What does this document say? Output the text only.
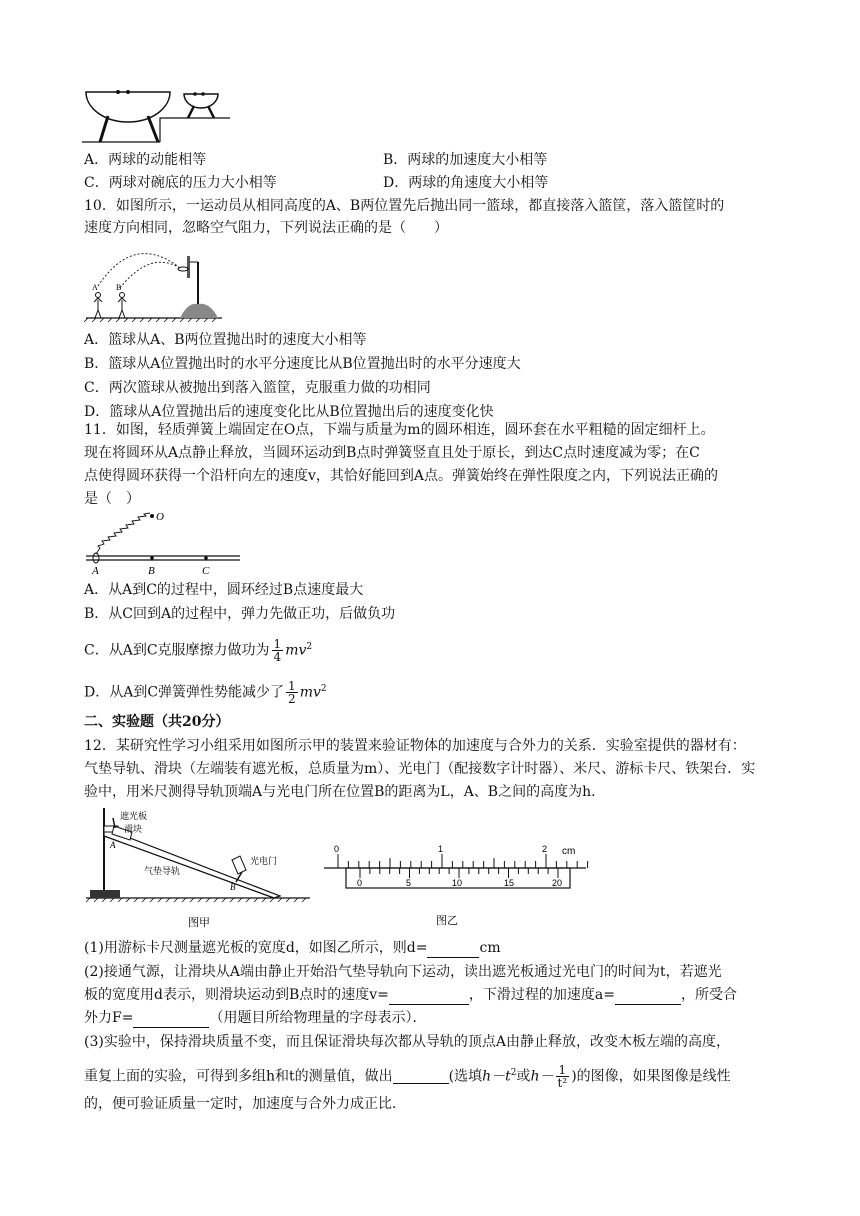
A．两球的动能相等	B．两球的加速度大小相等
C．两球对碗底的压力大小相等	D．两球的角速度大小相等
10．如图所示，一运动员从相同高度的A、B两位置先后抛出同一篮球，都直接落入篮筐，落入篮筐时的
速度方向相同，忽略空气阻力，下列说法正确的是（　　）
A B
A．篮球从A、B两位置抛出时的速度大小相等
B．篮球从A位置抛出时的水平分速度比从B位置抛出时的水平分速度大
C．两次篮球从被抛出到落入篮筐，克服重力做的功相同
D．篮球从A位置抛出后的速度变化比从B位置抛出后的速度变化快
11．如图，轻质弹簧上端固定在O点，下端与质量为m的圆环相连，圆环套在水平粗糙的固定细杆上。
现在将圆环从A点静止释放，当圆环运动到B点时弹簧竖直且处于原长，到达C点时速度减为零；在C
点使得圆环获得一个沿杆向左的速度v，其恰好能回到A点。弹簧始终在弹性限度之内，下列说法正确的
是（　）
O
A	B	C
A．从A到C的过程中，圆环经过B点速度最大
B．从C回到A的过程中，弹力先做正功，后做负功
C．从A到C克服摩擦力做功为 $\frac{1}{4} mv^2$
D．从A到C弹簧弹性势能减少了 $\frac{1}{2} mv^2$
二、实验题（共20分）
12．某研究性学习小组采用如图所示甲的装置来验证物体的加速度与合外力的关系．实验室提供的器材有：
气垫导轨、滑块（左端装有遮光板，总质量为m）、光电门（配接数字计时器）、米尺、游标卡尺、铁架台．实
验中，用米尺测得导轨顶端A与光电门所在位置B的距离为L，A、B之间的高度为h．
遮光板
滑块
A
气垫导轨
光电门
B
图甲
0	1	2 cm
0	5	10	15	20
图乙
(1)用游标卡尺测量遮光板的宽度d，如图乙所示，则d=	cm
(2)接通气源，让滑块从A端由静止开始沿气垫导轨向下运动，读出遮光板通过光电门的时间为t，若遮光
板的宽度用d表示，则滑块运动到B点时的速度v=	，下滑过程的加速度a=	，所受合
外力F=	（用题目所给物理量的字母表示）．
(3)实验中，保持滑块质量不变，而且保证滑块每次都从导轨的顶点A由静止释放，改变木板左端的高度，
重复上面的实验，可得到多组h和t的测量值，做出	(选填$h-t^2$或$h- \frac{1}{\text{t²}}$ )的图像，如果图像是线性
的，便可验证质量一定时，加速度与合外力成正比．
